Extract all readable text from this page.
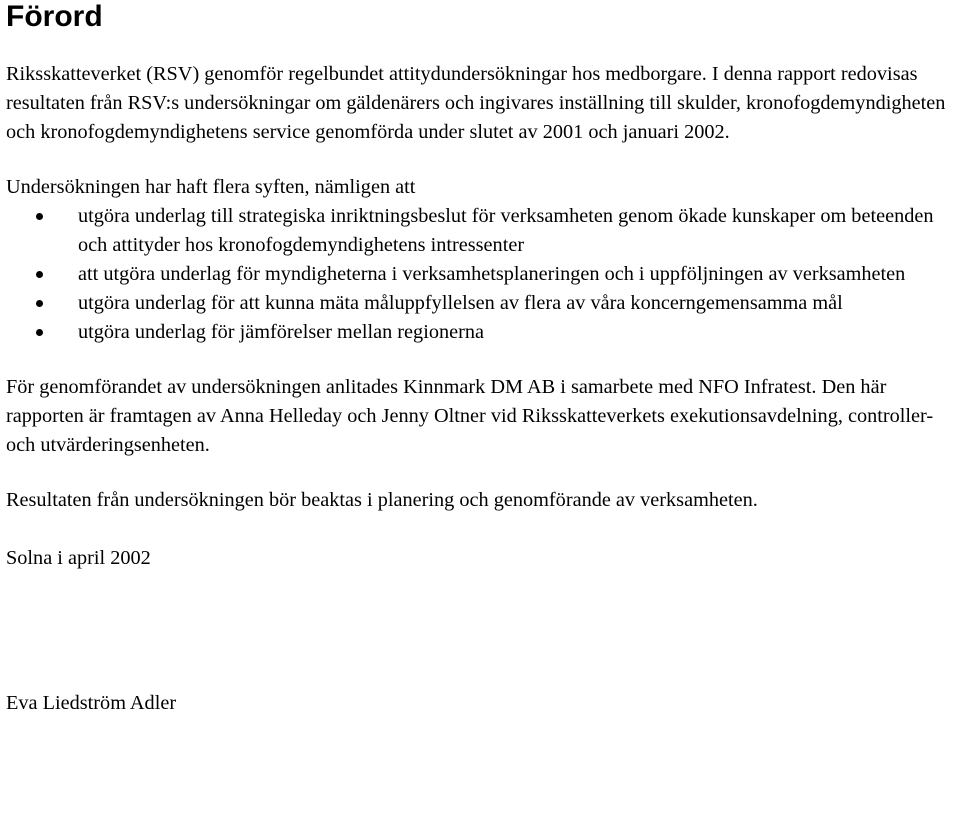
Förord

Riksskatteverket (RSV) genomför regelbundet attitydundersökningar hos medborgare. I denna rapport redovisas resultaten från RSV:s undersökningar om gäldenärers och ingivares inställning till skulder, kronofogdemyndigheten och kronofogdemyndighetens service genomförda under slutet av 2001 och januari 2002.

Undersökningen har haft flera syften, nämligen att

utgöra underlag till strategiska inriktningsbeslut för verksamheten genom ökade kunskaper om beteenden och attityder hos kronofogdemyndighetens intressenter
att utgöra underlag för myndigheterna i verksamhetsplaneringen och i uppföljningen av verksamheten
utgöra underlag för att kunna mäta måluppfyllelsen av flera av våra koncerngemensamma mål
utgöra underlag för jämförelser mellan regionerna

För genomförandet av undersökningen anlitades Kinnmark DM AB i samarbete med NFO Infratest. Den här rapporten är framtagen av Anna Helleday och Jenny Oltner vid Riksskatteverkets exekutionsavdelning, controller- och utvärderingsenheten.

Resultaten från undersökningen bör beaktas i planering och genomförande av verksamheten.

Solna i april 2002

Eva Liedström Adler
